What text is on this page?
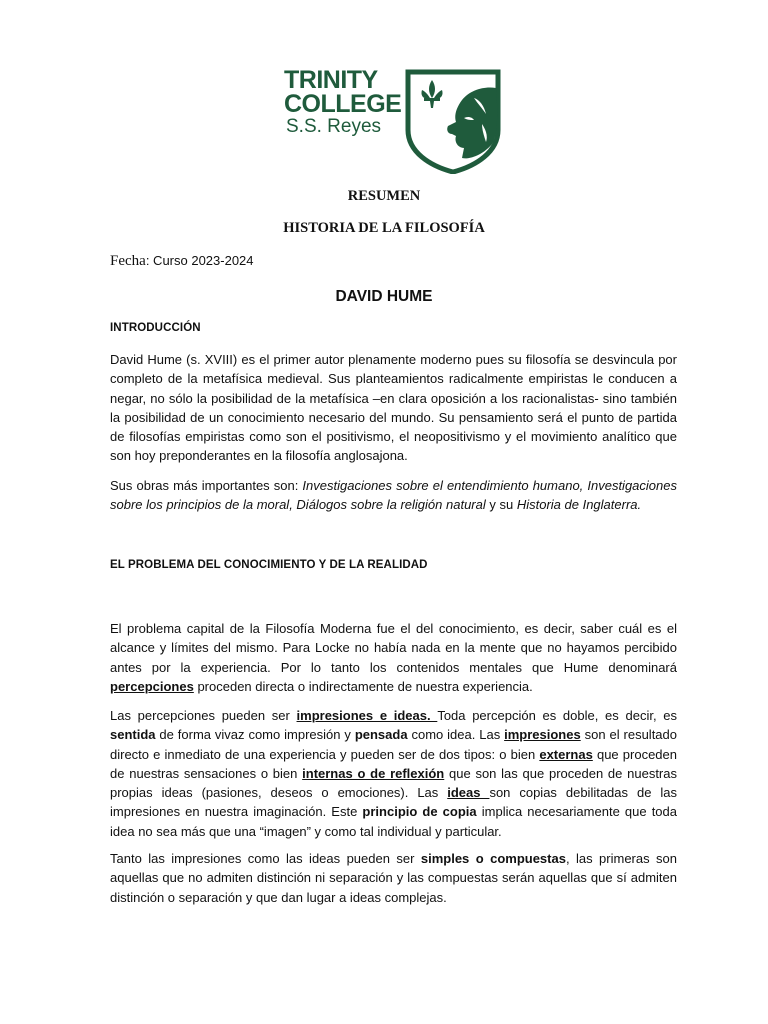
TRINITY
COLLEGE
S.S. Reyes
RESUMEN
HISTORIA DE LA FILOSOFÍA
Fecha: Curso 2023-2024
DAVID HUME
INTRODUCCIÓN
David Hume (s. XVIII) es el primer autor plenamente moderno pues su filosofía se desvincula por completo de la metafísica medieval. Sus planteamientos radicalmente empiristas le conducen a negar, no sólo la posibilidad de la metafísica –en clara oposición a los racionalistas- sino también la posibilidad de un conocimiento necesario del mundo. Su pensamiento será el punto de partida de filosofías empiristas como son el positivismo, el neopositivismo y el movimiento analítico que son hoy preponderantes en la filosofía anglosajona.
Sus obras más importantes son: Investigaciones sobre el entendimiento humano, Investigaciones sobre los principios de la moral, Diálogos sobre la religión natural y su Historia de Inglaterra.
EL PROBLEMA DEL CONOCIMIENTO Y DE LA REALIDAD
El problema capital de la Filosofía Moderna fue el del conocimiento, es decir, saber cuál es el alcance y límites del mismo. Para Locke no había nada en la mente que no hayamos percibido antes por la experiencia. Por lo tanto los contenidos mentales que Hume denominará percepciones proceden directa o indirectamente de nuestra experiencia.
Las percepciones pueden ser impresiones e ideas. Toda percepción es doble, es decir, es sentida de forma vivaz como impresión y pensada como idea. Las impresiones son el resultado directo e inmediato de una experiencia y pueden ser de dos tipos: o bien externas que proceden de nuestras sensaciones o bien internas o de reflexión que son las que proceden de nuestras propias ideas (pasiones, deseos o emociones). Las ideas son copias debilitadas de las impresiones en nuestra imaginación. Este principio de copia implica necesariamente que toda idea no sea más que una “imagen” y como tal individual y particular.
Tanto las impresiones como las ideas pueden ser simples o compuestas, las primeras son aquellas que no admiten distinción ni separación y las compuestas serán aquellas que sí admiten distinción o separación y que dan lugar a ideas complejas.
